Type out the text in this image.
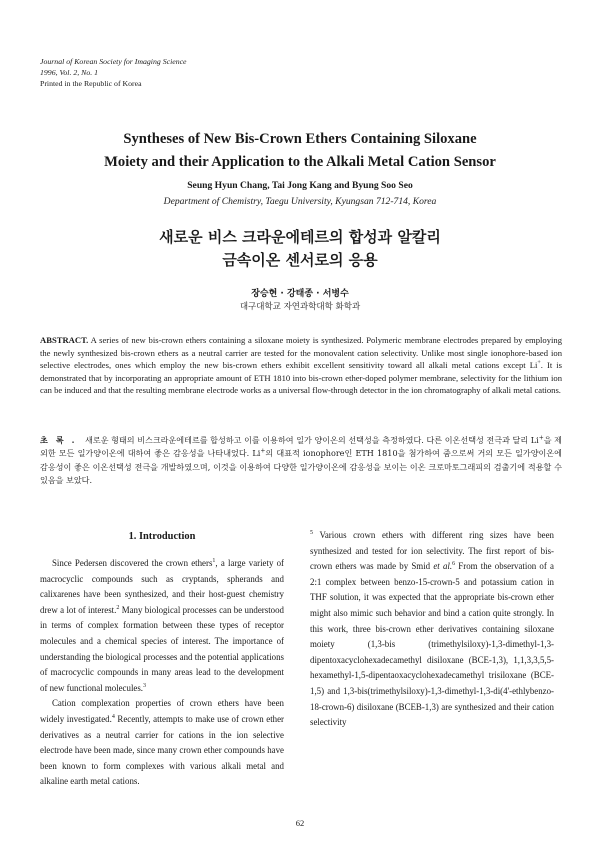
Journal of Korean Society for Imaging Science
1996, Vol. 2, No. 1
Printed in the Republic of Korea
Syntheses of New Bis-Crown Ethers Containing Siloxane
Moiety and their Application to the Alkali Metal Cation Sensor
Seung Hyun Chang, Tai Jong Kang and Byung Soo Seo
Department of Chemistry, Taegu University, Kyungsan 712-714, Korea
새로운 비스 크라운에테르의 합성과 알칼리
금속이온 센서로의 응용
장승현 · 강태종 · 서병수
대구대학교 자연과학대학 화학과
ABSTRACT. A series of new bis-crown ethers containing a siloxane moiety is synthesized. Polymeric membrane electrodes prepared by employing the newly synthesized bis-crown ethers as a neutral carrier are tested for the monovalent cation selectivity. Unlike most single ionophore-based ion selective electrodes, ones which employ the new bis-crown ethers exhibit excellent sensitivity toward all alkali metal cations except Li+. It is demonstrated that by incorporating an appropriate amount of ETH 1810 into bis-crown ether-doped polymer membrane, selectivity for the lithium ion can be induced and that the resulting membrane electrode works as a universal flow-through detector in the ion chromatography of alkali metal cations.
초록. 새로운 형태의 비스크라운에테르를 합성하고 이를 이용하여 일가 양이온의 선택성을 측정하였다. 다른 이온선택성 전극과 달리 Li+을 제외한 모든 일가양이온에 대하여 좋은 감응성을 나타내었다. Li+의 대표적 ionophore인 ETH 1810을 첨가하여 줌으로써 거의 모든 일가양이온에 감응성이 좋은 이온선택성 전극을 개발하였으며, 이것을 이용하여 다양한 일가양이온에 감응성을 보이는 이온 크로마토그래피의 검출기에 적용할 수 있음을 보았다.
1. Introduction

Since Pedersen discovered the crown ethers$^1$, a large variety of macrocyclic compounds such as cryptands, spherands and calixarenes have been synthesized, and their host-guest chemistry drew a lot of interest.$^2$ Many biological processes can be understood in terms of complex formation between these types of receptor molecules and a chemical species of interest. The importance of understanding the biological processes and the potential applications of macrocyclic compounds in many areas lead to the development of new functional molecules.$^3$

Cation complexation properties of crown ethers have been widely investigated.$^4$ Recently, attempts to make use of crown ether derivatives as a neutral carrier for cations in the ion selective electrode have been made, since many crown ether compounds have been known to form complexes with various alkali metal and alkaline earth metal cations.

$^5$ Various crown ethers with different ring sizes have been synthesized and tested for ion selectivity. The first report of bis-crown ethers was made by Smid et al.$^6$ From the observation of a 2:1 complex between benzo-15-crown-5 and potassium cation in THF solution, it was expected that the appropriate bis-crown ether might also mimic such behavior and bind a cation quite strongly. In this work, three bis-crown ether derivatives containing siloxane moiety (1,3-bis (trimethylsiloxy)-1,3-dimethyl-1,3-dipentoxacyclohexadecamethyl disiloxane (BCE-1,3), 1,1,3,3,5,5-hexamethyl-1,5-dipentaoxacyclohexadecamethyl trisiloxane (BCE-1,5) and 1,3-bis(trimethylsiloxy)-1,3-dimethyl-1,3-di(4'-ethlybenzo-18-crown-6) disiloxane (BCEB-1,3) are synthesized and their cation selectivity

62
